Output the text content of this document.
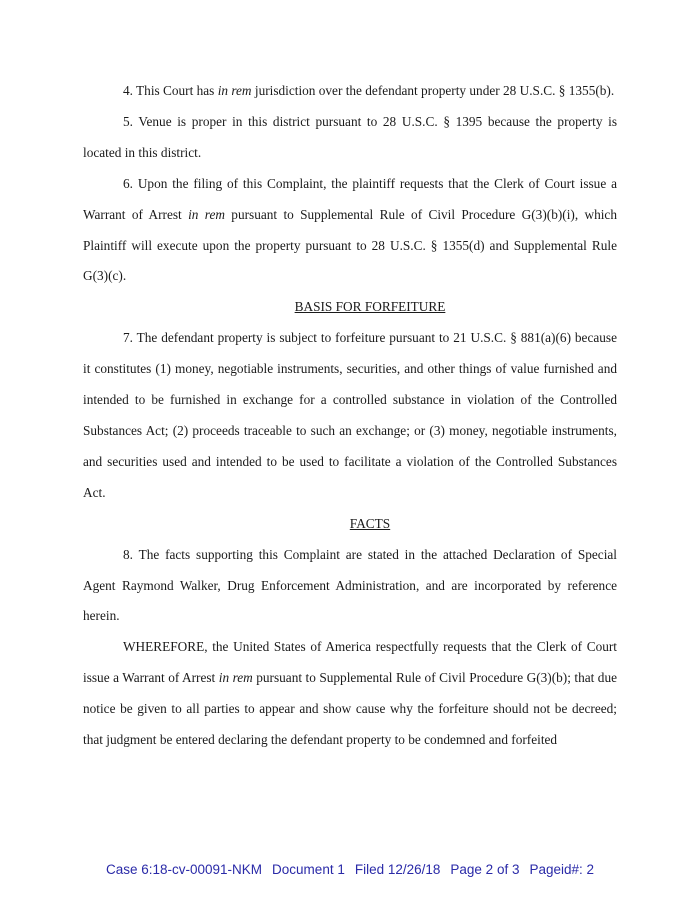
4. This Court has in rem jurisdiction over the defendant property under 28 U.S.C. § 1355(b).

5. Venue is proper in this district pursuant to 28 U.S.C. § 1395 because the property is located in this district.

6. Upon the filing of this Complaint, the plaintiff requests that the Clerk of Court issue a Warrant of Arrest in rem pursuant to Supplemental Rule of Civil Procedure G(3)(b)(i), which Plaintiff will execute upon the property pursuant to 28 U.S.C. § 1355(d) and Supplemental Rule G(3)(c).

BASIS FOR FORFEITURE

7. The defendant property is subject to forfeiture pursuant to 21 U.S.C. § 881(a)(6) because it constitutes (1) money, negotiable instruments, securities, and other things of value furnished and intended to be furnished in exchange for a controlled substance in violation of the Controlled Substances Act; (2) proceeds traceable to such an exchange; or (3) money, negotiable instruments, and securities used and intended to be used to facilitate a violation of the Controlled Substances Act.

FACTS

8. The facts supporting this Complaint are stated in the attached Declaration of Special Agent Raymond Walker, Drug Enforcement Administration, and are incorporated by reference herein.

WHEREFORE, the United States of America respectfully requests that the Clerk of Court issue a Warrant of Arrest in rem pursuant to Supplemental Rule of Civil Procedure G(3)(b); that due notice be given to all parties to appear and show cause why the forfeiture should not be decreed; that judgment be entered declaring the defendant property to be condemned and forfeited

Case 6:18-cv-00091-NKM Document 1 Filed 12/26/18 Page 2 of 3 Pageid#: 2
